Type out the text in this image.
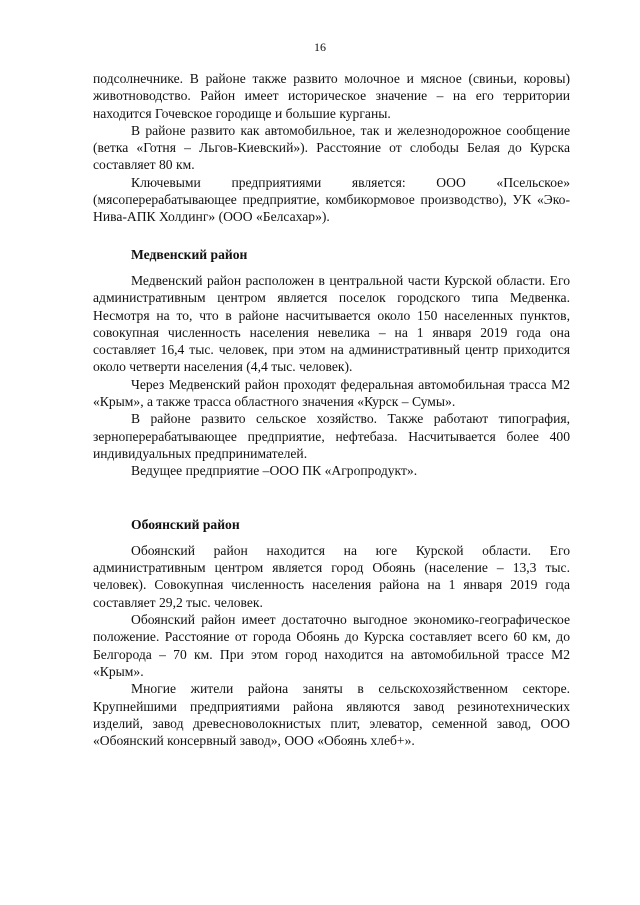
16

подсолнечнике. В районе также развито молочное и мясное (свиньи, коровы) животноводство. Район имеет историческое значение – на его территории находится Гочевское городище и большие курганы.

В районе развито как автомобильное, так и железнодорожное сообщение (ветка «Готня – Льгов-Киевский»). Расстояние от слободы Белая до Курска составляет 80 км.

Ключевыми предприятиями является: ООО «Псельское» (мясоперерабатывающее предприятие, комбикормовое производство), УК «Эко-Нива-АПК Холдинг» (ООО «Белсахар»).

Медвенский район

Медвенский район расположен в центральной части Курской области. Его административным центром является поселок городского типа Медвенка. Несмотря на то, что в районе насчитывается около 150 населенных пунктов, совокупная численность населения невелика – на 1 января 2019 года она составляет 16,4 тыс. человек, при этом на административный центр приходится около четверти населения (4,4 тыс. человек).

Через Медвенский район проходят федеральная автомобильная трасса М2 «Крым», а также трасса областного значения «Курск – Сумы».

В районе развито сельское хозяйство. Также работают типография, зерноперерабатывающее предприятие, нефтебаза. Насчитывается более 400 индивидуальных предпринимателей.

Ведущее предприятие –ООО ПК «Агропродукт».

Обоянский район

Обоянский район находится на юге Курской области. Его административным центром является город Обоянь (население – 13,3 тыс. человек). Совокупная численность населения района на 1 января 2019 года составляет 29,2 тыс. человек.

Обоянский район имеет достаточно выгодное экономико-географическое положение. Расстояние от города Обоянь до Курска составляет всего 60 км, до Белгорода – 70 км. При этом город находится на автомобильной трассе М2 «Крым».

Многие жители района заняты в сельскохозяйственном секторе. Крупнейшими предприятиями района являются завод резинотехнических изделий, завод древесноволокнистых плит, элеватор, семенной завод, ООО «Обоянский консервный завод», ООО «Обоянь хлеб+».
